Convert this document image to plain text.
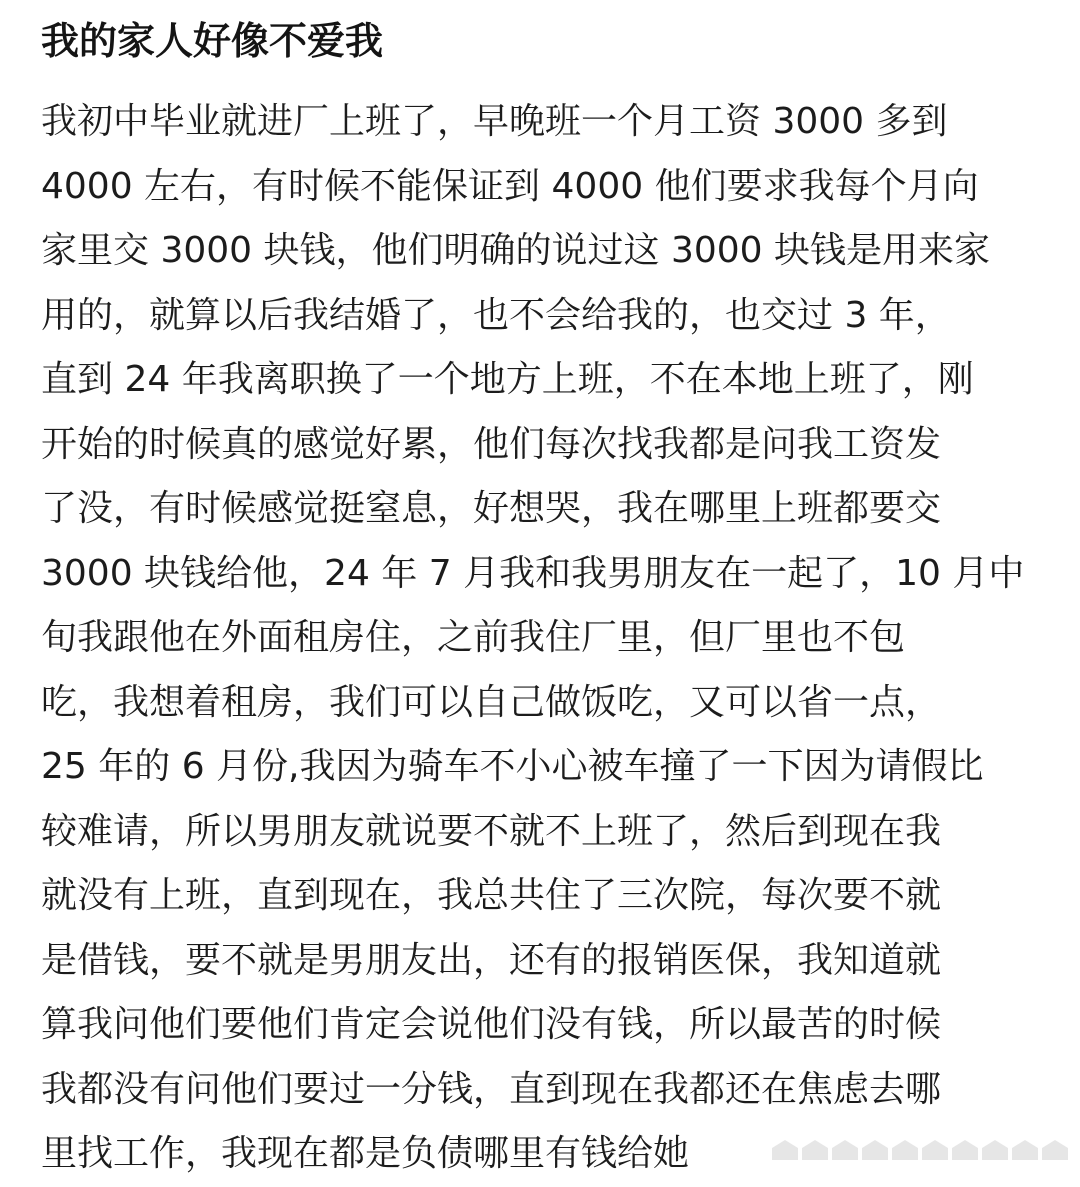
我的家人好像不爱我
我初中毕业就进厂上班了，早晚班一个月工资 3000 多到
4000 左右，有时候不能保证到 4000 他们要求我每个月向
家里交 3000 块钱，他们明确的说过这 3000 块钱是用来家
用的，就算以后我结婚了，也不会给我的，也交过 3 年，
直到 24 年我离职换了一个地方上班，不在本地上班了，刚
开始的时候真的感觉好累，他们每次找我都是问我工资发
了没，有时候感觉挺窒息，好想哭，我在哪里上班都要交
3000 块钱给他，24 年 7 月我和我男朋友在一起了，10 月中
旬我跟他在外面租房住，之前我住厂里，但厂里也不包
吃，我想着租房，我们可以自己做饭吃，又可以省一点，
25 年的 6 月份,我因为骑车不小心被车撞了一下因为请假比
较难请，所以男朋友就说要不就不上班了，然后到现在我
就没有上班，直到现在，我总共住了三次院，每次要不就
是借钱，要不就是男朋友出，还有的报销医保，我知道就
算我问他们要他们肯定会说他们没有钱，所以最苦的时候
我都没有问他们要过一分钱，直到现在我都还在焦虑去哪
里找工作，我现在都是负债哪里有钱给她
